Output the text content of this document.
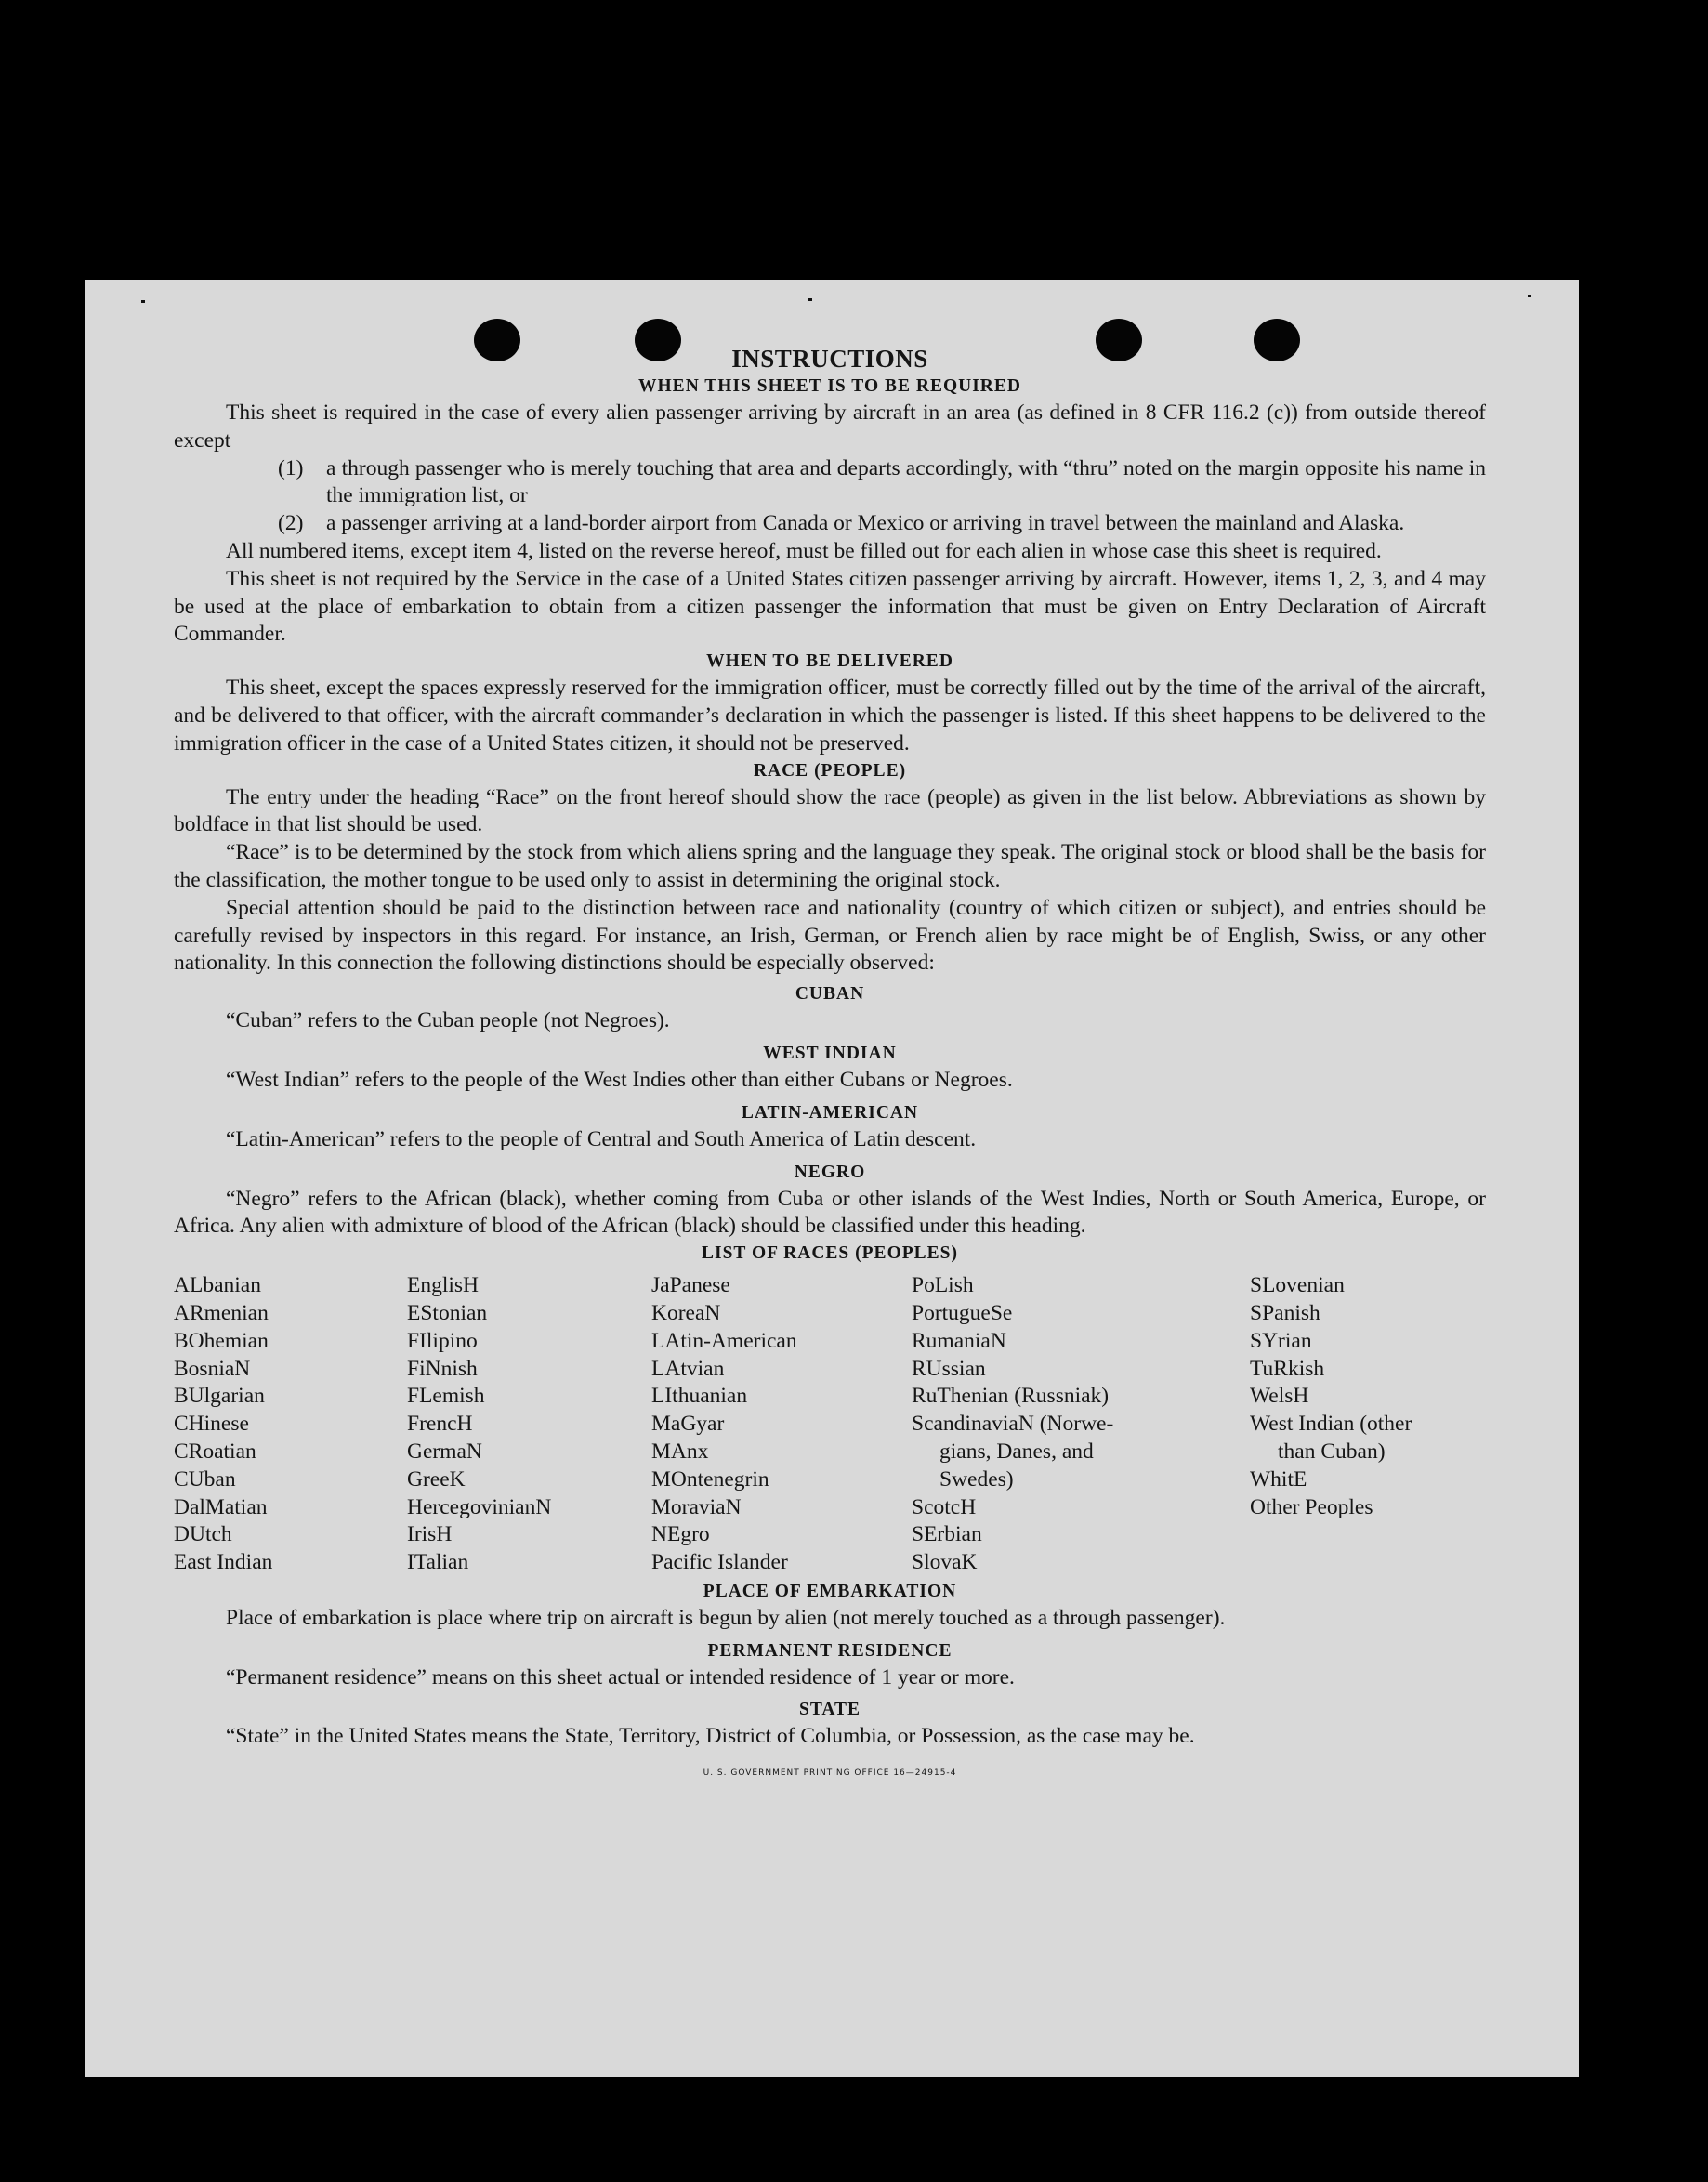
INSTRUCTIONS
WHEN THIS SHEET IS TO BE REQUIRED

This sheet is required in the case of every alien passenger arriving by aircraft in an area (as defined in 8 CFR 116.2 (c)) from outside thereof except

(1)	a through passenger who is merely touching that area and departs accordingly, with “thru” noted on the margin opposite his name in the immigration list, or
(2)	a passenger arriving at a land-border airport from Canada or Mexico or arriving in travel between the mainland and Alaska.

All numbered items, except item 4, listed on the reverse hereof, must be filled out for each alien in whose case this sheet is required.

This sheet is not required by the Service in the case of a United States citizen passenger arriving by aircraft. However, items 1, 2, 3, and 4 may be used at the place of embarkation to obtain from a citizen passenger the information that must be given on Entry Declaration of Aircraft Commander.

WHEN TO BE DELIVERED

This sheet, except the spaces expressly reserved for the immigration officer, must be correctly filled out by the time of the arrival of the aircraft, and be delivered to that officer, with the aircraft commander’s declaration in which the passenger is listed. If this sheet happens to be delivered to the immigration officer in the case of a United States citizen, it should not be preserved.

RACE (PEOPLE)

The entry under the heading “Race” on the front hereof should show the race (people) as given in the list below. Abbreviations as shown by boldface in that list should be used.

“Race” is to be determined by the stock from which aliens spring and the language they speak. The original stock or blood shall be the basis for the classification, the mother tongue to be used only to assist in determining the original stock.

Special attention should be paid to the distinction between race and nationality (country of which citizen or subject), and entries should be carefully revised by inspectors in this regard. For instance, an Irish, German, or French alien by race might be of English, Swiss, or any other nationality. In this connection the following distinctions should be especially observed:

CUBAN

“Cuban” refers to the Cuban people (not Negroes).

WEST INDIAN

“West Indian” refers to the people of the West Indies other than either Cubans or Negroes.

LATIN-AMERICAN

“Latin-American” refers to the people of Central and South America of Latin descent.

NEGRO

“Negro” refers to the African (black), whether coming from Cuba or other islands of the West Indies, North or South America, Europe, or Africa. Any alien with admixture of blood of the African (black) should be classified under this heading.

LIST OF RACES (PEOPLES)
ALbanian
ARmenian
BOhemian
BosniaN
BUlgarian
CHinese
CRoatian
CUban
DalMatian
DUtch
East Indian
EnglisH
EStonian
FIlipino
FiNnish
FLemish
FrencH
GermaN
GreeK
HercegovinianN
IrisH
ITalian
JaPanese
KoreaN
LAtin-American
LAtvian
LIthuanian
MaGyar
MAnx
MOntenegrin
MoraviaN
NEgro
Pacific Islander
PoLish
PortugueSe
RumaniaN
RUssian
RuThenian (Russniak)
ScandinaviaN (Norwe-
gians, Danes, and
Swedes)
ScotcH
SErbian
SlovaK
SLovenian
SPanish
SYrian
TuRkish
WelsH
West Indian (other
than Cuban)
WhitE
Other Peoples
PLACE OF EMBARKATION

Place of embarkation is place where trip on aircraft is begun by alien (not merely touched as a through passenger).

PERMANENT RESIDENCE

“Permanent residence” means on this sheet actual or intended residence of 1 year or more.

STATE

“State” in the United States means the State, Territory, District of Columbia, or Possession, as the case may be.

U. S. GOVERNMENT PRINTING OFFICE 16—24915-4
